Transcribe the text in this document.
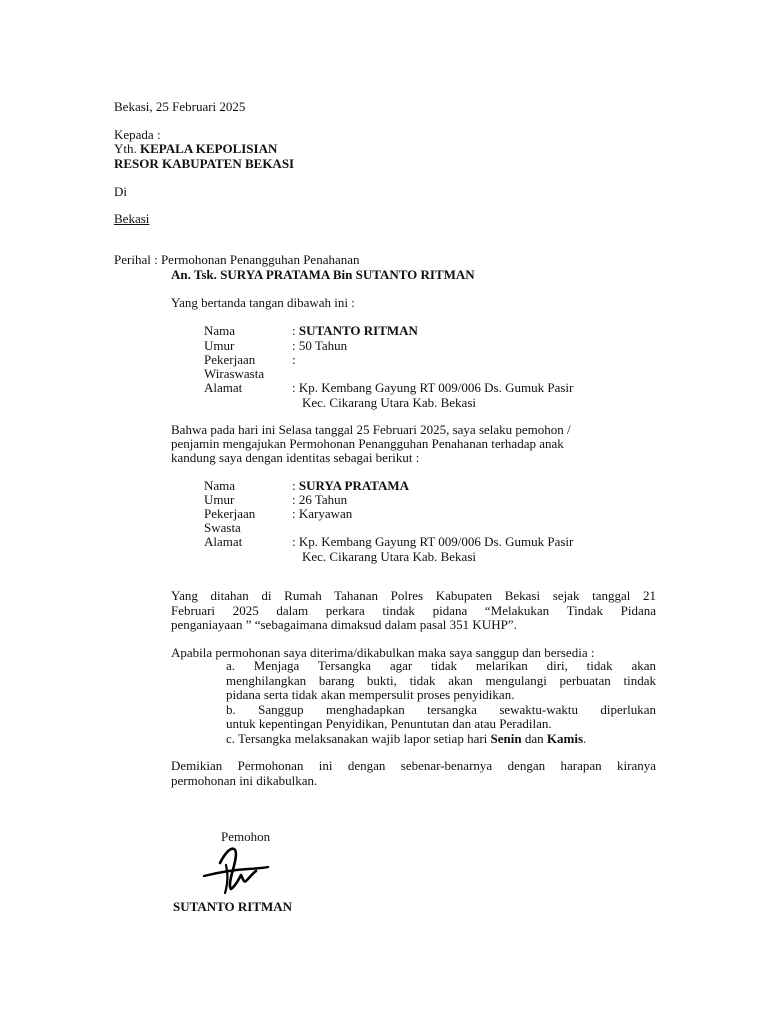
Bekasi, 25 Februari 2025
Kepada :
Yth. KEPALA KEPOLISIAN
RESOR KABUPATEN BEKASI
Di
Bekasi
Perihal : Permohonan Penangguhan Penahanan
An. Tsk. SURYA PRATAMA Bin SUTANTO RITMAN
Yang bertanda tangan dibawah ini :
Nama	: SUTANTO RITMAN
Umur	: 50 Tahun
Pekerjaan	:
Wiraswasta
Alamat	: Kp. Kembang Gayung RT 009/006 Ds. Gumuk Pasir
Kec. Cikarang Utara Kab. Bekasi
Bahwa pada hari ini Selasa tanggal 25 Februari 2025, saya selaku pemohon /
penjamin mengajukan Permohonan Penangguhan Penahanan terhadap anak
kandung saya dengan identitas sebagai berikut :
Nama	: SURYA PRATAMA
Umur	: 26 Tahun
Pekerjaan	: Karyawan
Swasta
Alamat	: Kp. Kembang Gayung RT 009/006 Ds. Gumuk Pasir
Kec. Cikarang Utara Kab. Bekasi
Yang ditahan di Rumah Tahanan Polres Kabupaten Bekasi sejak tanggal 21
Februari 2025 dalam perkara tindak pidana “Melakukan Tindak Pidana
penganiayaan ” “sebagaimana dimaksud dalam pasal 351 KUHP”.
Apabila permohonan saya diterima/dikabulkan maka saya sanggup dan bersedia :
a. Menjaga Tersangka agar tidak melarikan diri, tidak akan
menghilangkan barang bukti, tidak akan mengulangi perbuatan tindak
pidana serta tidak akan mempersulit proses penyidikan.
b. Sanggup menghadapkan tersangka sewaktu-waktu diperlukan
untuk kepentingan Penyidikan, Penuntutan dan atau Peradilan.
c. Tersangka melaksanakan wajib lapor setiap hari Senin dan Kamis.
Demikian Permohonan ini dengan sebenar-benarnya dengan harapan kiranya
permohonan ini dikabulkan.
Pemohon
SUTANTO RITMAN
